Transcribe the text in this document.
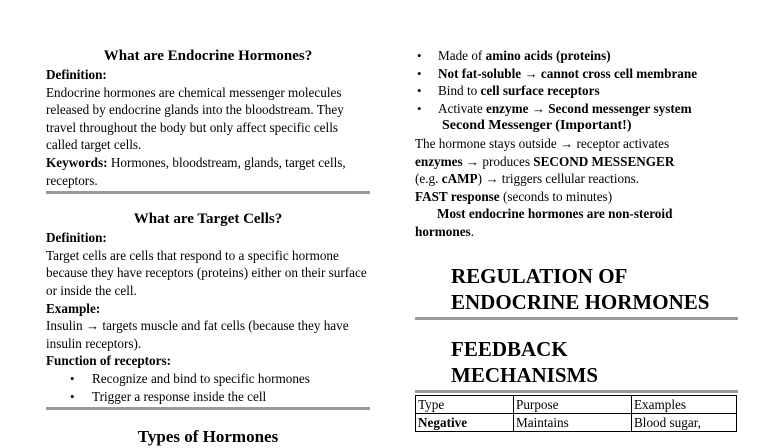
What are Endocrine Hormones?

Definition:

Endocrine hormones are chemical messenger molecules released by endocrine glands into the bloodstream. They travel throughout the body but only affect specific cells called target cells.

Keywords: Hormones, bloodstream, glands, target cells, receptors.

What are Target Cells?

Definition:

Target cells are cells that respond to a specific hormone because they have receptors (proteins) either on their surface or inside the cell.

Example:

Insulin → targets muscle and fat cells (because they have insulin receptors).

Function of receptors:

• Recognize and bind to specific hormones
• Trigger a response inside the cell

Types of Hormones

• Made of amino acids (proteins)
• Not fat-soluble → cannot cross cell membrane
• Bind to cell surface receptors
• Activate enzyme → Second messenger system

Second Messenger (Important!)

The hormone stays outside → receptor activates

enzymes → produces SECOND MESSENGER

(e.g. cAMP) → triggers cellular reactions.

FAST response (seconds to minutes)

Most endocrine hormones are non-steroid

hormones.

REGULATION OF ENDOCRINE HORMONES

FEEDBACK MECHANISMS

Type	Purpose	Examples
Negative	Maintains	Blood sugar,
